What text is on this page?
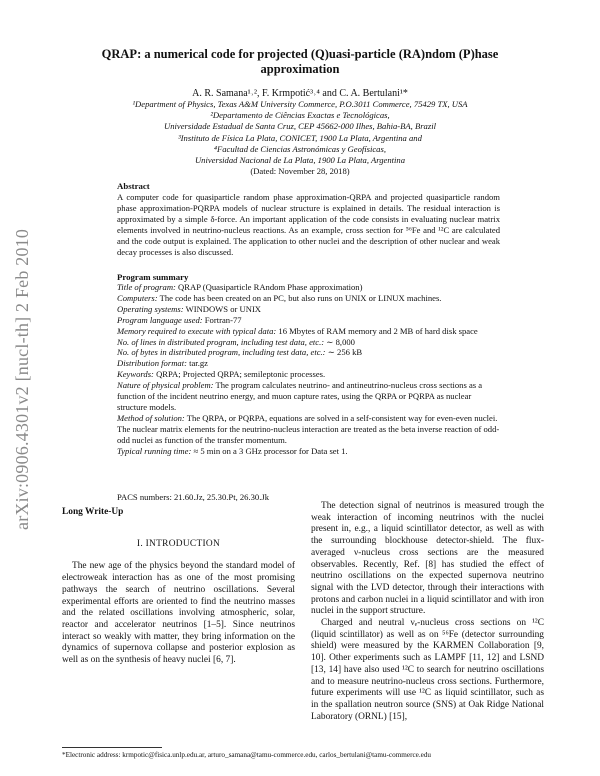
arXiv:0906.4301v2 [nucl-th] 2 Feb 2010
QRAP: a numerical code for projected (Q)uasi-particle (RA)ndom (P)hase approximation
A. R. Samana¹˒², F. Krmpotić³˒⁴ and C. A. Bertulani¹*
¹Department of Physics, Texas A&M University Commerce, P.O.3011 Commerce, 75429 TX, USA
²Departamento de Ciências Exactas e Tecnológicas,
Universidade Estadual de Santa Cruz, CEP 45662-000 Ilhes, Bahia-BA, Brazil
³Instituto de Física La Plata, CONICET, 1900 La Plata, Argentina and
⁴Facultad de Ciencias Astronómicas y Geofísicas,
Universidad Nacional de La Plata, 1900 La Plata, Argentina
(Dated: November 28, 2018)
Abstract
A computer code for quasiparticle random phase approximation-QRPA and projected quasiparticle random phase approximation-PQRPA models of nuclear structure is explained in details. The residual interaction is approximated by a simple δ-force. An important application of the code consists in evaluating nuclear matrix elements involved in neutrino-nucleus reactions. As an example, cross section for ⁵⁶Fe and ¹²C are calculated and the code output is explained. The application to other nuclei and the description of other nuclear and weak decay processes is also discussed.
Program summary
Title of program: QRAP (Quasiparticle RAndom Phase approximation)
Computers: The code has been created on an PC, but also runs on UNIX or LINUX machines.
Operating systems: WINDOWS or UNIX
Program language used: Fortran-77
Memory required to execute with typical data: 16 Mbytes of RAM memory and 2 MB of hard disk space
No. of lines in distributed program, including test data, etc.: ∼ 8,000
No. of bytes in distributed program, including test data, etc.: ∼ 256 kB
Distribution format: tar.gz
Keywords: QRPA; Projected QRPA; semileptonic processes.
Nature of physical problem: The program calculates neutrino- and antineutrino-nucleus cross sections as a function of the incident neutrino energy, and muon capture rates, using the QRPA or PQRPA as nuclear structure models.
Method of solution: The QRPA, or PQRPA, equations are solved in a self-consistent way for even-even nuclei. The nuclear matrix elements for the neutrino-nucleus interaction are treated as the beta inverse reaction of odd-odd nuclei as function of the transfer momentum.
Typical running time: ≈ 5 min on a 3 GHz processor for Data set 1.
PACS numbers: 21.60.Jz, 25.30.Pt, 26.30.Jk
Long Write-Up
I. INTRODUCTION
The new age of the physics beyond the standard model of electroweak interaction has as one of the most promising pathways the search of neutrino oscillations. Several experimental efforts are oriented to find the neutrino masses and the related oscillations involving atmospheric, solar, reactor and accelerator neutrinos [1–5]. Since neutrinos interact so weakly with matter, they bring information on the dynamics of supernova collapse and posterior explosion as well as on the synthesis of heavy nuclei [6, 7].
The detection signal of neutrinos is measured trough the weak interaction of incoming neutrinos with the nuclei present in, e.g., a liquid scintillator detector, as well as with the surrounding blockhouse detector-shield. The flux-averaged ν-nucleus cross sections are the measured observables. Recently, Ref. [8] has studied the effect of neutrino oscillations on the expected supernova neutrino signal with the LVD detector, through their interactions with protons and carbon nuclei in a liquid scintillator and with iron nuclei in the support structure.
Charged and neutral νₑ-nucleus cross sections on ¹²C (liquid scintillator) as well as on ⁵⁶Fe (detector surrounding shield) were measured by the KARMEN Collaboration [9, 10]. Other experiments such as LAMPF [11, 12] and LSND [13, 14] have also used ¹²C to search for neutrino oscillations and to measure neutrino-nucleus cross sections. Furthermore, future experiments will use ¹²C as liquid scintillator, such as in the spallation neutron source (SNS) at Oak Ridge National Laboratory (ORNL) [15],
*Electronic address: krmpotic@fisica.unlp.edu.ar, arturo_samana@tamu-commerce.edu, carlos_bertulani@tamu-commerce.edu
